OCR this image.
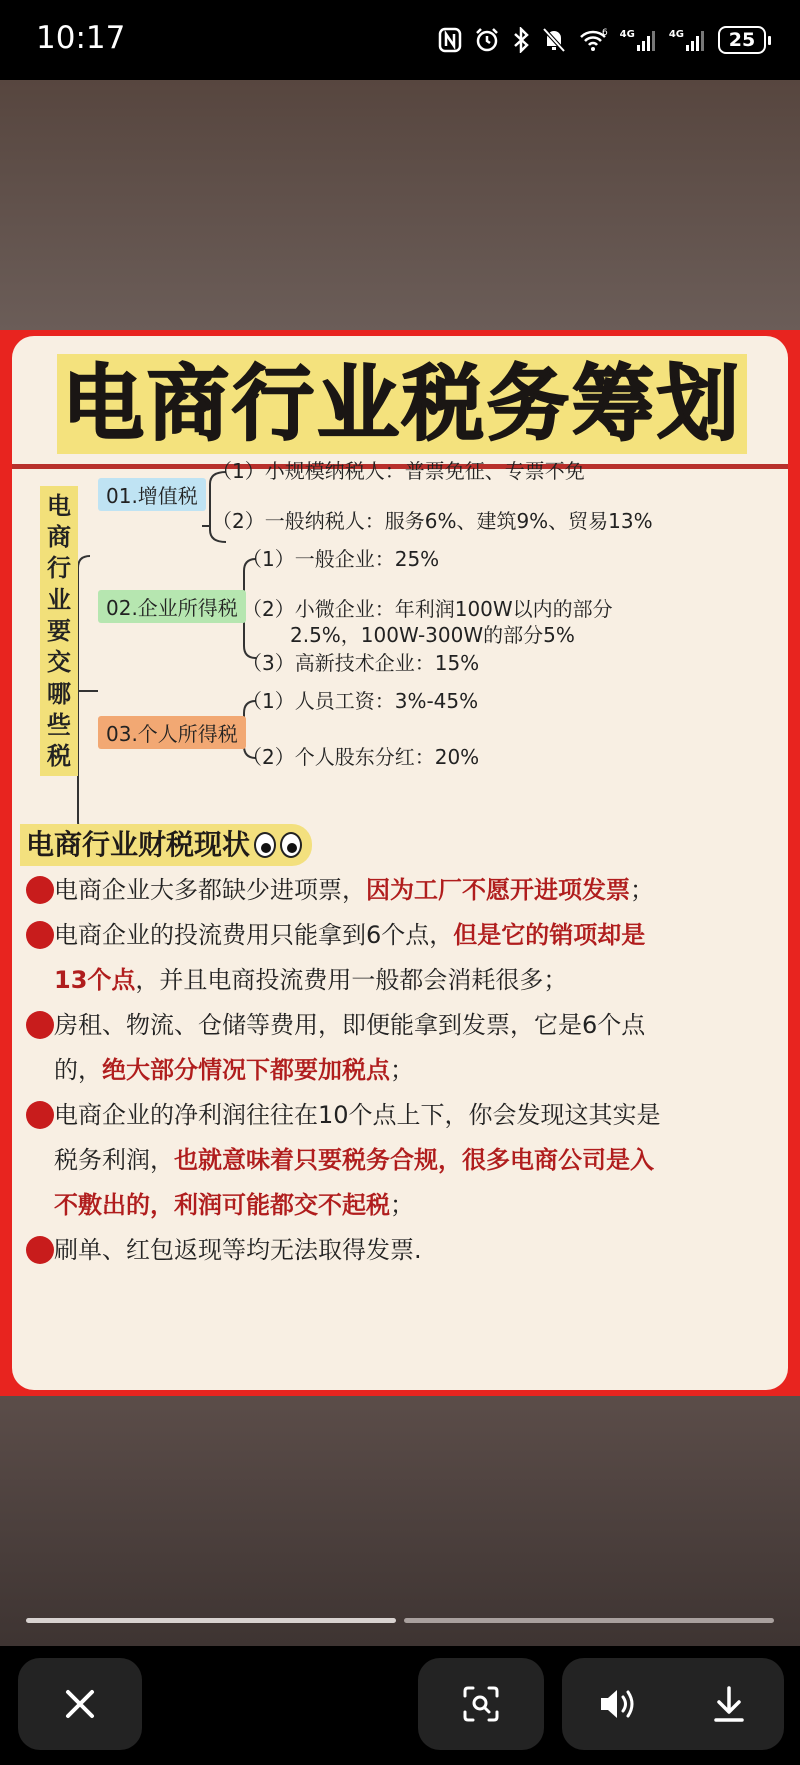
10:17	6 4G	4G 25
电商行业税务筹划
电
商
行
业
要
交
哪
些
税
01.增值税
（1）小规模纳税人：普票免征、专票不免
（2）一般纳税人：服务6%、建筑9%、贸易13%
02.企业所得税
（1）一般企业：25%
（2）小微企业：年利润100W以内的部分
2.5%，100W-300W的部分5%
（3）高新技术企业：15%
03.个人所得税
（1）人员工资：3%-45%
（2）个人股东分红：20%
电商行业财税现状
电商企业大多都缺少进项票，因为工厂不愿开进项发票；
电商企业的投流费用只能拿到6个点，但是它的销项却是
13个点，并且电商投流费用一般都会消耗很多；
房租、物流、仓储等费用，即便能拿到发票，它是6个点
的，绝大部分情况下都要加税点；
电商企业的净利润往往在10个点上下，你会发现这其实是
税务利润，也就意味着只要税务合规，很多电商公司是入
不敷出的，利润可能都交不起税；
刷单、红包返现等均无法取得发票.
